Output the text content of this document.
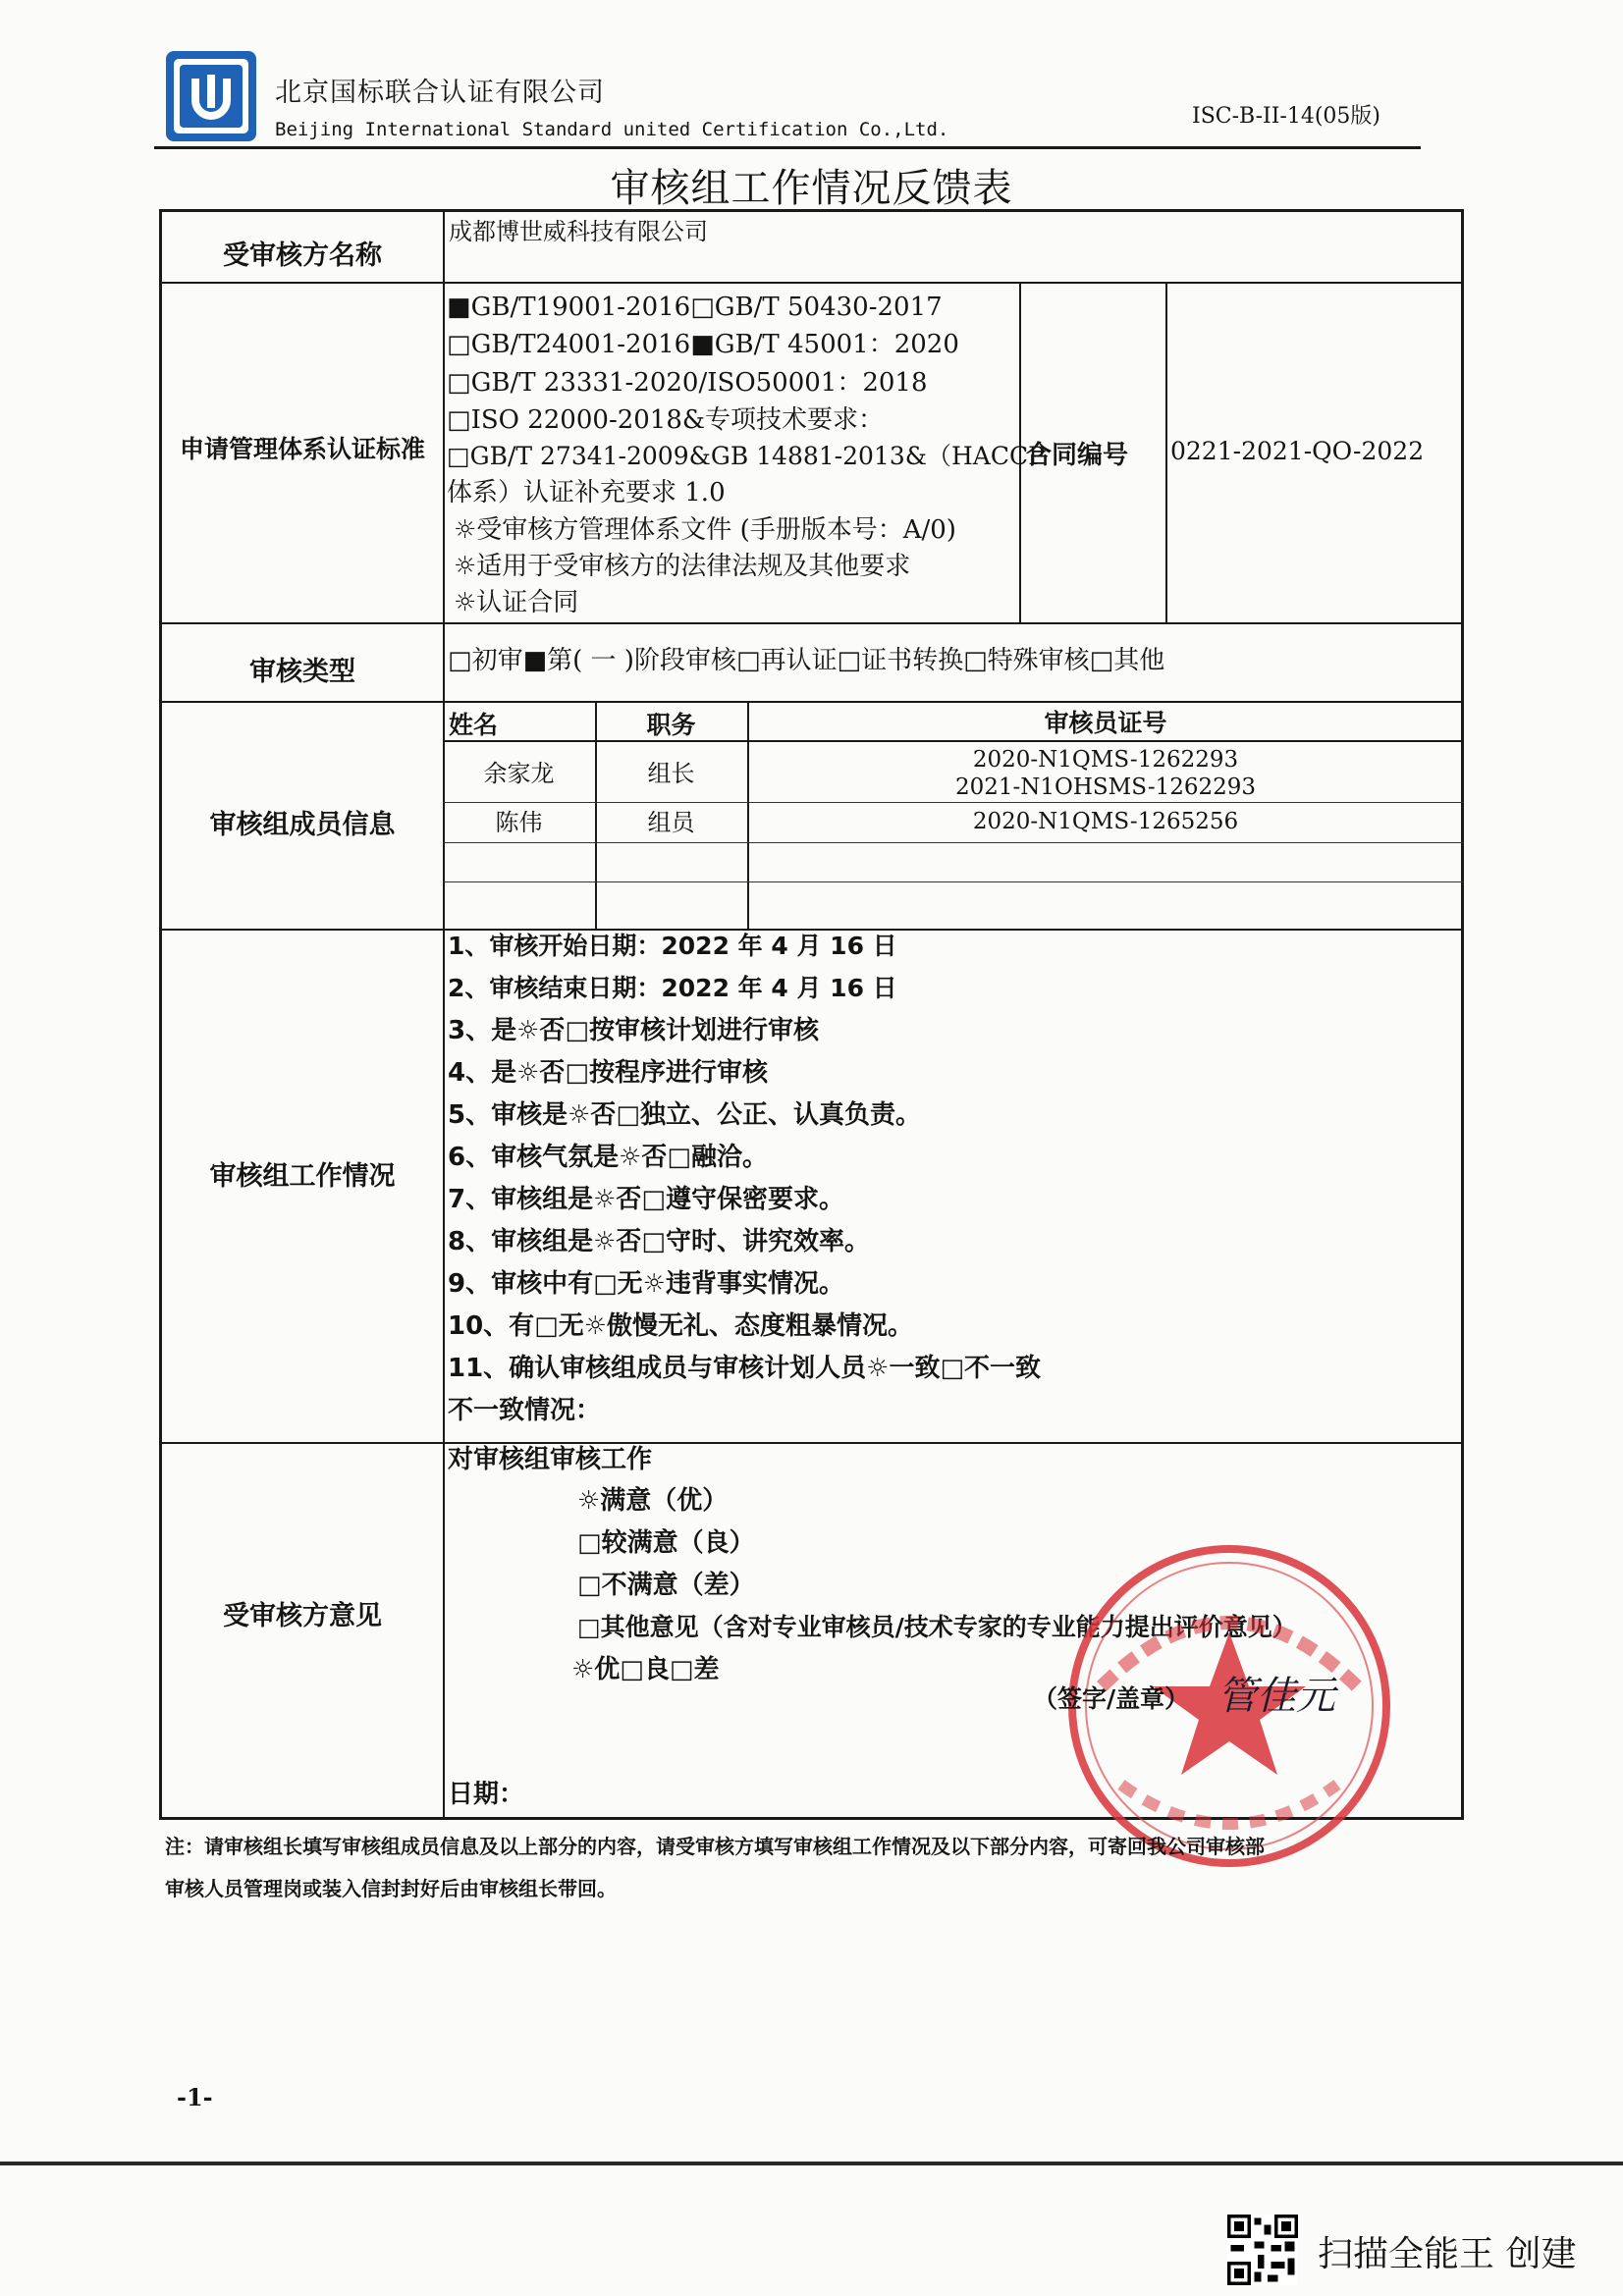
北京国标联合认证有限公司
Beijing International Standard united Certification Co.,Ltd.
ISC-B-II-14(05版)
审核组工作情况反馈表
受审核方名称
成都博世威科技有限公司
申请管理体系认证标准
■GB/T19001-2016□GB/T 50430-2017
□GB/T24001-2016■GB/T 45001：2020
□GB/T 23331-2020/ISO50001：2018
□ISO 22000-2018&专项技术要求：
□GB/T 27341-2009&GB 14881-2013&（HACCP
体系）认证补充要求 1.0
☼受审核方管理体系文件 (手册版本号：A/0)
☼适用于受审核方的法律法规及其他要求
☼认证合同
合同编号 0221-2021-QO-2022
审核类型	□初审■第( 一 )阶段审核□再认证□证书转换□特殊审核□其他
审核组成员信息
姓名	职务	审核员证号
余家龙	组长	2020-N1QMS-1262293
2021-N1OHSMS-1262293
陈伟	组员	2020-N1QMS-1265256
审核组工作情况
1、审核开始日期：2022 年 4 月 16 日
2、审核结束日期：2022 年 4 月 16 日
3、是☼否□按审核计划进行审核
4、是☼否□按程序进行审核
5、审核是☼否□独立、公正、认真负责。
6、审核气氛是☼否□融洽。
7、审核组是☼否□遵守保密要求。
8、审核组是☼否□守时、讲究效率。
9、审核中有□无☼违背事实情况。
10、有□无☼傲慢无礼、态度粗暴情况。
11、确认审核组成员与审核计划人员☼一致□不一致
不一致情况：
受审核方意见
对审核组审核工作
☼满意（优）
□较满意（良）
□不满意（差）
□其他意见（含对专业审核员/技术专家的专业能力提出评价意见）
☼优□良□差
（签字/盖章） 管佳元
日期：
注：请审核组长填写审核组成员信息及以上部分的内容，请受审核方填写审核组工作情况及以下部分内容，可寄回我公司审核部
审核人员管理岗或装入信封封好后由审核组长带回。
-1-
扫描全能王 创建
